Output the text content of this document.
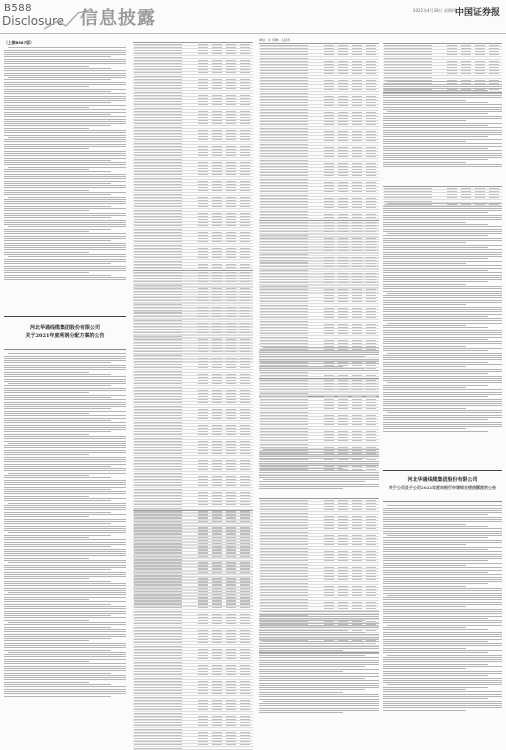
B588
Disclosure 信息披露	2022年4月28日 星期四
中国证券报
（上接B587版）
河北华通线缆集团股份有限公司
关于2021年度利润分配方案的公告
单位：元 币种：人民币
河北华通线缆集团股份有限公司
关于公司及子公司2022年度向银行申请综合授信额度的公告
